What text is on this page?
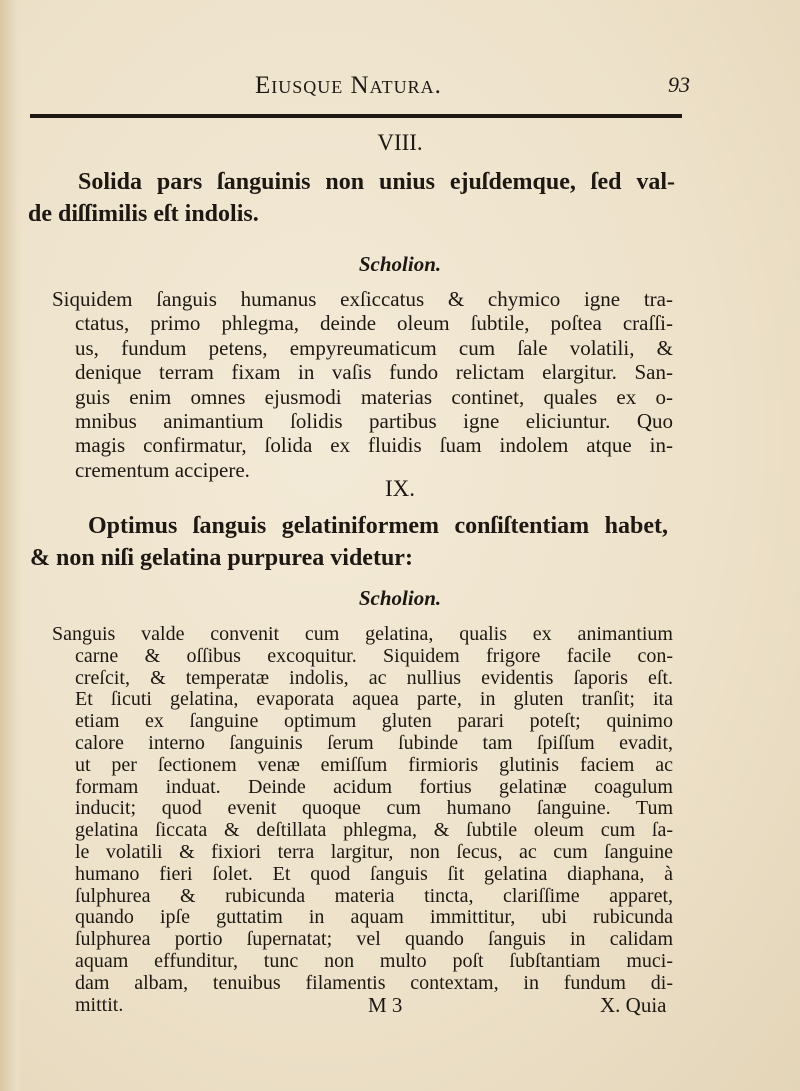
Eiusque Natura.	93
VIII.
Solida pars ſanguinis non unius ejuſdemque, ſed val-
de diſſimilis eſt indolis.
Scholion.
Siquidem ſanguis humanus exſiccatus & chymico igne tra-
ctatus, primo phlegma, deinde oleum ſubtile, poſtea craſſi-
us, fundum petens, empyreumaticum cum ſale volatili, &
denique terram fixam in vaſis fundo relictam elargitur. San-
guis enim omnes ejusmodi materias continet, quales ex o-
mnibus animantium ſolidis partibus igne eliciuntur. Quo
magis confirmatur, ſolida ex fluidis ſuam indolem atque in-
crementum accipere.
IX.
Optimus ſanguis gelatiniformem conſiſtentiam habet,
& non niſi gelatina purpurea videtur:
Scholion.
Sanguis valde convenit cum gelatina, qualis ex animantium
carne & oſſibus excoquitur. Siquidem frigore facile con-
creſcit, & temperatæ indolis, ac nullius evidentis ſaporis eſt.
Et ſicuti gelatina, evaporata aquea parte, in gluten tranſit; ita
etiam ex ſanguine optimum gluten parari poteſt; quinimo
calore interno ſanguinis ſerum ſubinde tam ſpiſſum evadit,
ut per ſectionem venæ emiſſum firmioris glutinis faciem ac
formam induat. Deinde acidum fortius gelatinæ coagulum
inducit; quod evenit quoque cum humano ſanguine. Tum
gelatina ſiccata & deſtillata phlegma, & ſubtile oleum cum ſa-
le volatili & fixiori terra largitur, non ſecus, ac cum ſanguine
humano fieri ſolet. Et quod ſanguis ſit gelatina diaphana, à
ſulphurea & rubicunda materia tincta, clariſſime apparet,
quando ipſe guttatim in aquam immittitur, ubi rubicunda
ſulphurea portio ſupernatat; vel quando ſanguis in calidam
aquam effunditur, tunc non multo poſt ſubſtantiam muci-
dam albam, tenuibus filamentis contextam, in fundum di-
mittit.	M 3	X. Quia
